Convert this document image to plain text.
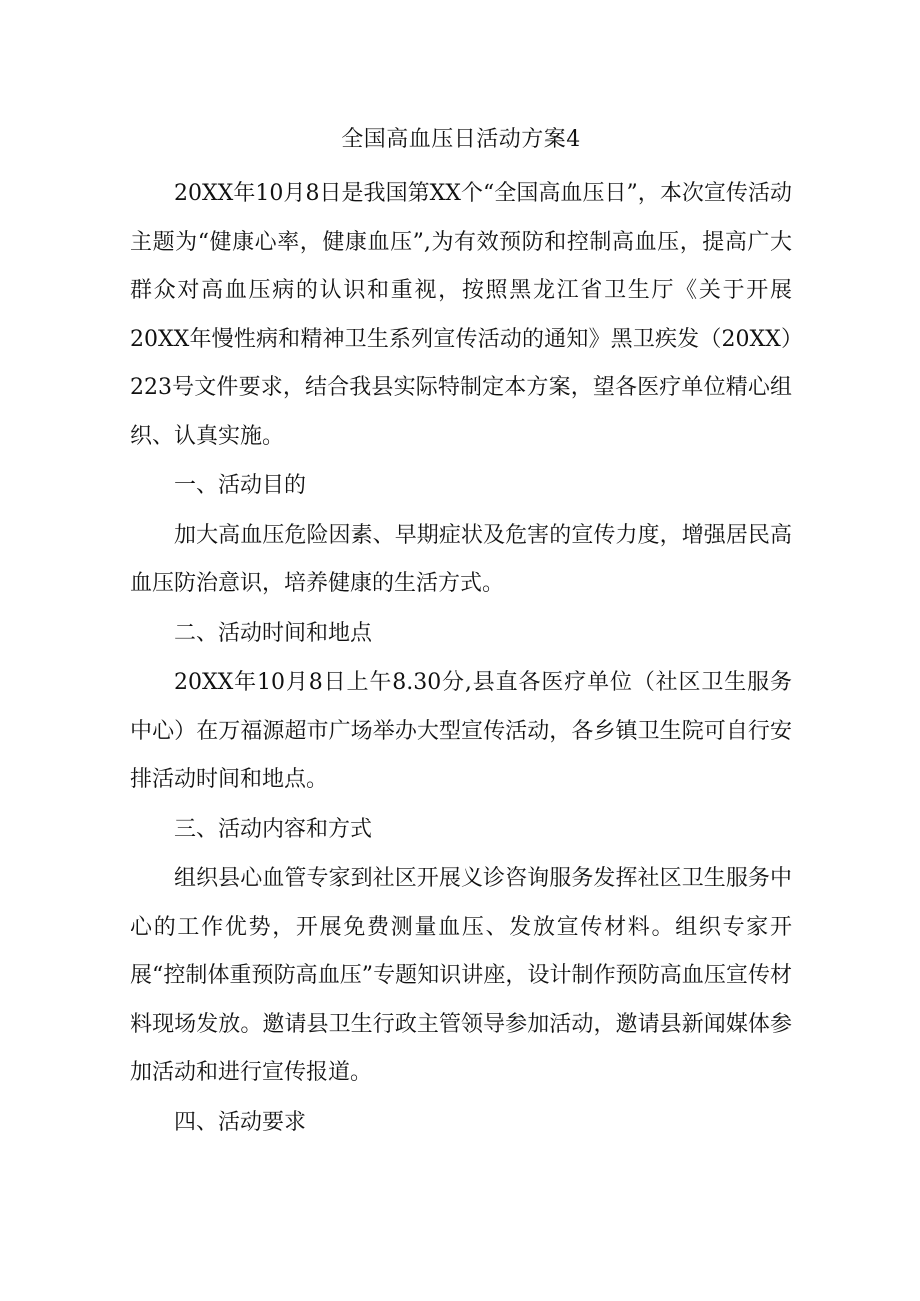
全国高血压日活动方案4

20XX年10月8日是我国第XX个“全国高血压日”，本次宣传活动主题为“健康心率，健康血压”,为有效预防和控制高血压，提高广大群众对高血压病的认识和重视，按照黑龙江省卫生厅《关于开展20XX年慢性病和精神卫生系列宣传活动的通知》黑卫疾发（20XX）223号文件要求，结合我县实际特制定本方案，望各医疗单位精心组织、认真实施。

一、活动目的

加大高血压危险因素、早期症状及危害的宣传力度，增强居民高血压防治意识，培养健康的生活方式。

二、活动时间和地点

20XX年10月8日上午8.30分,县直各医疗单位（社区卫生服务中心）在万福源超市广场举办大型宣传活动，各乡镇卫生院可自行安排活动时间和地点。

三、活动内容和方式

组织县心血管专家到社区开展义诊咨询服务发挥社区卫生服务中心的工作优势，开展免费测量血压、发放宣传材料。组织专家开展“控制体重预防高血压”专题知识讲座，设计制作预防高血压宣传材料现场发放。邀请县卫生行政主管领导参加活动，邀请县新闻媒体参加活动和进行宣传报道。

四、活动要求
